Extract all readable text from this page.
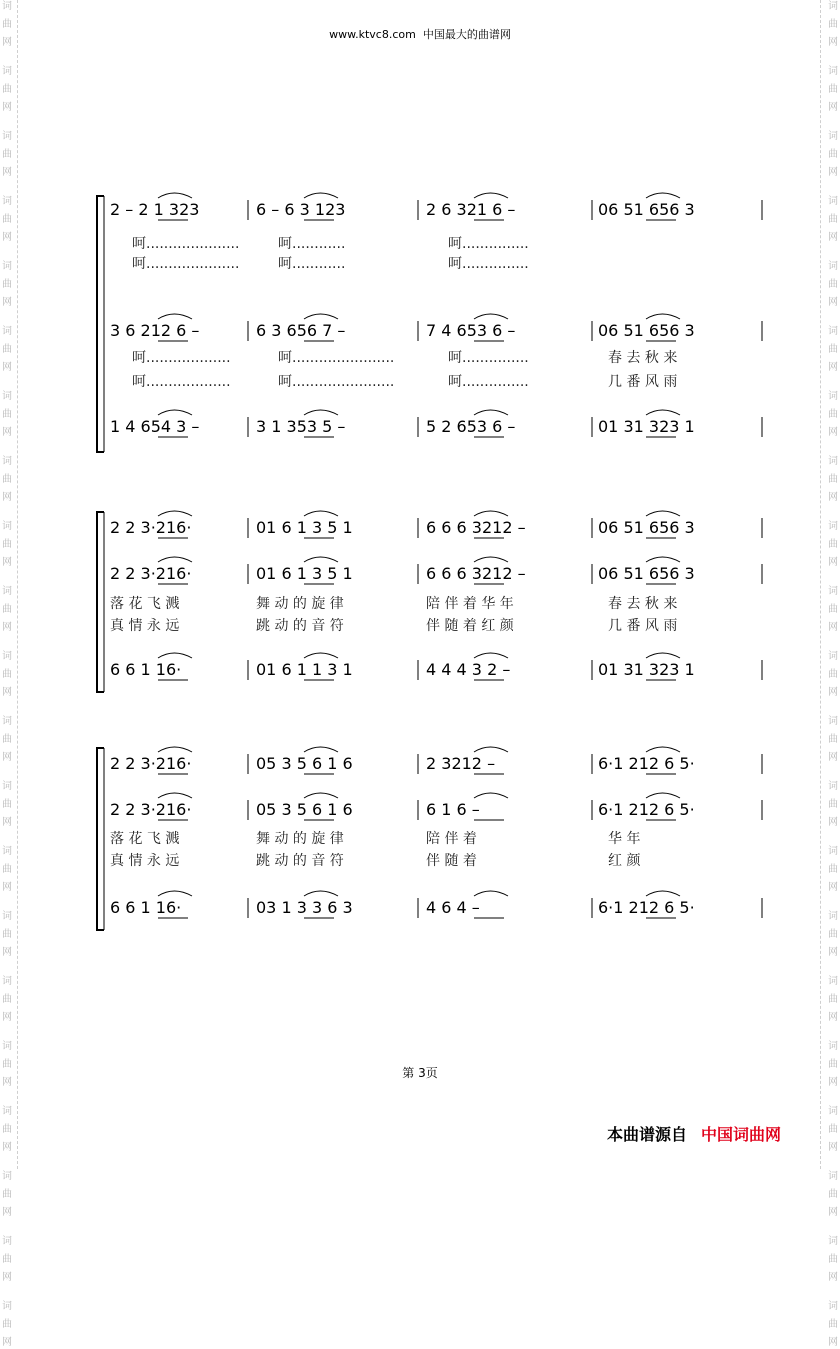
词
曲
网
词
曲
网
词
曲
网
词
曲
网
词
曲
网
词
曲
网
词
曲
网
词
曲
网
词
曲
网
词
曲
网
词
曲
网
词
曲
网
词
曲
网
词
曲
网
词
曲
网
词
曲
网
词
曲
网
词
曲
网
词
曲
网
词
曲
网
词
曲
网
词
曲
网
词
曲
网
词
曲
网
词
曲
网
词
曲
网
词
曲
网
词
曲
网
词
曲
网
词
曲
网
词
曲
网
词
曲
网
词
曲
网
词
曲
网
词
曲
网
词
曲
网
词
曲
网
词
曲
网
词
曲
网
词
曲
网
词
曲
网
词
曲
网
www.ktvc8.com 中国最大的曲谱网
2 – 2 1 323	6 – 6 3 123	2 6 321 6 –	06 51 656 3
呵.....................	呵............	呵...............
呵.....................	呵............	呵...............
3 6 212 6 –	6 3 656 7 –	7 4 653 6 –	06 51 656 3
呵...................	呵.......................	呵...............	春 去 秋 来
呵...................	呵.......................	呵...............	几 番 风 雨
1 4 654 3 –	3 1 353 5 –	5 2 653 6 –	01 31 323 1
2 2 3·216·	01 6 1 3 5 1	6 6 6 3212 –	06 51 656 3
2 2 3·216·	01 6 1 3 5 1	6 6 6 3212 –	06 51 656 3
落 花 飞 溅	舞 动 的 旋 律	陪 伴 着 华 年	春 去 秋 来
真 情 永 远	跳 动 的 音 符	伴 随 着 红 颜	几 番 风 雨
6 6 1 16·	01 6 1 1 3 1	4 4 4 3 2 –	01 31 323 1
2 2 3·216·	05 3 5 6 1 6	2 3212 –	6·1 212 6 5·
2 2 3·216·	05 3 5 6 1 6	6 1 6 –	6·1 212 6 5·
落 花 飞 溅	舞 动 的 旋 律	陪 伴 着	华 年
真 情 永 远	跳 动 的 音 符	伴 随 着	红 颜
6 6 1 16·	03 1 3 3 6 3	4 6 4 –	6·1 212 6 5·
第 3页
本曲谱源自 中国词曲网
